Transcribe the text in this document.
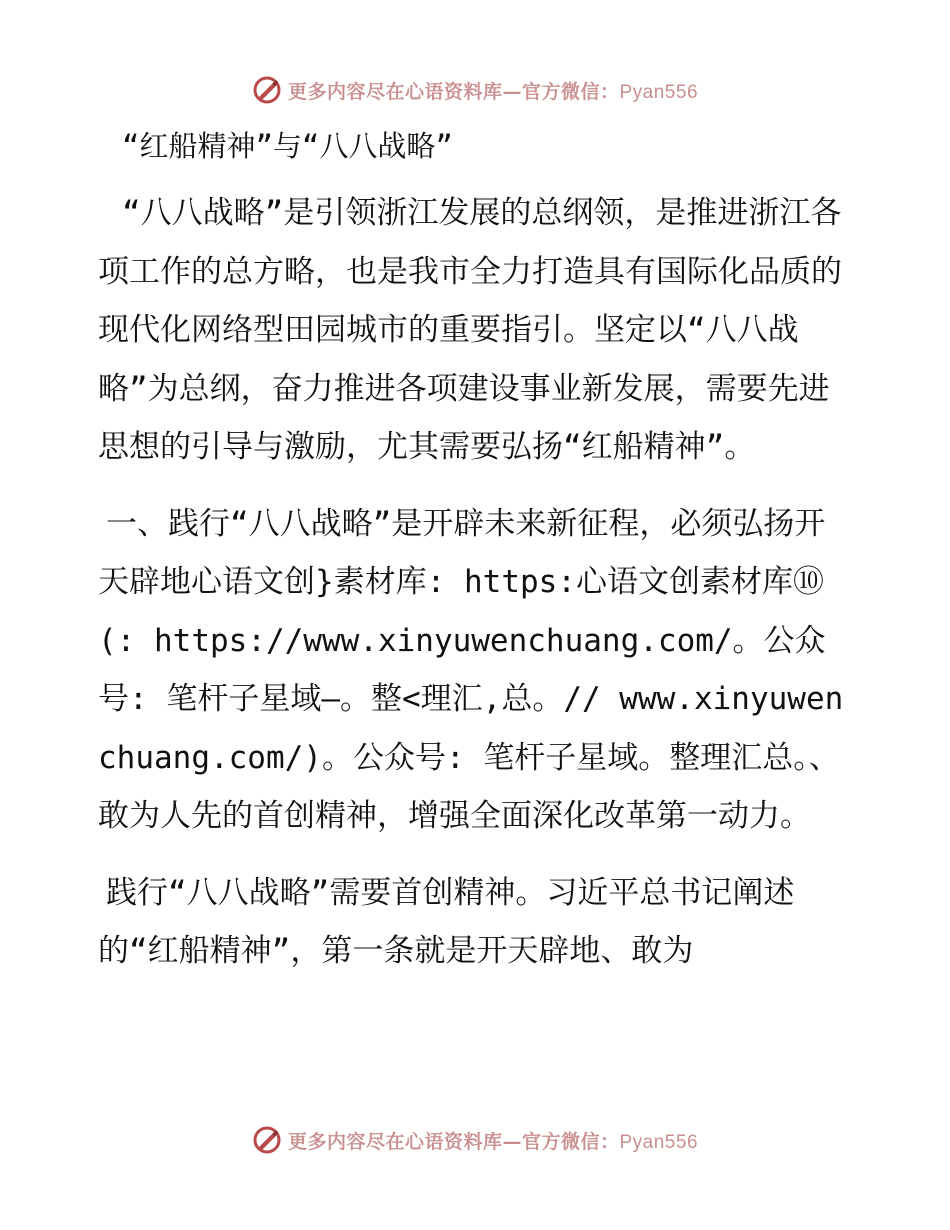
更多内容尽在心语资料库—官方微信：Pyan556
“红船精神”与“八八战略”

“八八战略”是引领浙江发展的总纲领，是推进浙江各项工作的总方略，也是我市全力打造具有国际化品质的现代化网络型田园城市的重要指引。坚定以“八八战略”为总纲，奋力推进各项建设事业新发展，需要先进思想的引导与激励，尤其需要弘扬“红船精神”。

一、践行“八八战略”是开辟未来新征程，必须弘扬开天辟地心语文创}素材库: https:心语文创素材库⑩(: https://www.xinyuwenchuang.com/。公众号: 笔杆子星域—。整<理汇,总。// www.xinyuwenchuang.com/)。公众号: 笔杆子星域。整理汇总。、敢为人先的首创精神，增强全面深化改革第一动力。

践行“八八战略”需要首创精神。习近平总书记阐述的“红船精神”，第一条就是开天辟地、敢为

更多内容尽在心语资料库—官方微信：Pyan556
